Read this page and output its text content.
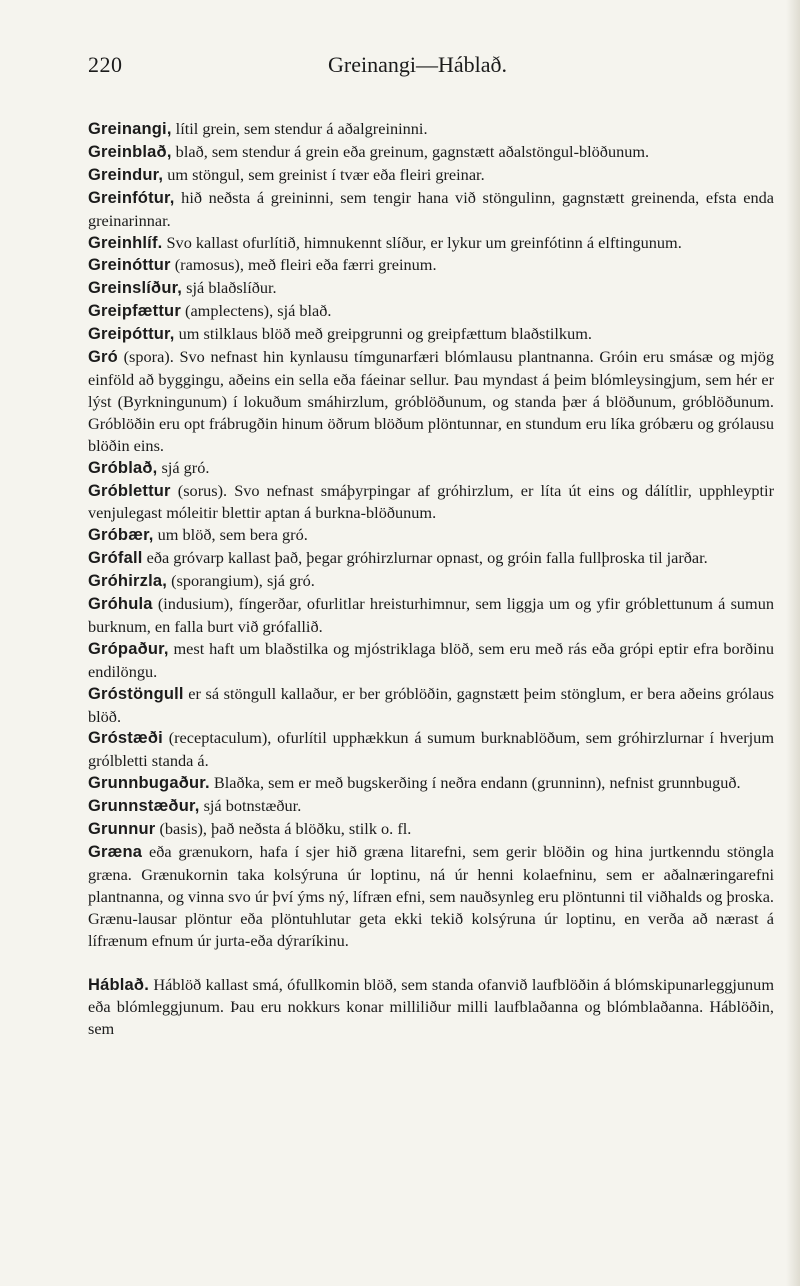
220	Greinangi—Háblað.

Greinangi, lítil grein, sem stendur á aðalgreininni.

Greinblað, blað, sem stendur á grein eða greinum, gagnstætt aðalstöngul-blöðunum.

Greindur, um stöngul, sem greinist í tvær eða fleiri greinar.

Greinfótur, hið neðsta á greininni, sem tengir hana við stöngulinn, gagnstætt greinenda, efsta enda greinarinnar.

Greinhlíf. Svo kallast ofurlítið, himnukennt slíður, er lykur um greinfótinn á elftingunum.

Greinóttur (ramosus), með fleiri eða færri greinum.

Greinslíður, sjá blaðslíður.

Greipfættur (amplectens), sjá blað.

Greipóttur, um stilklaus blöð með greipgrunni og greipfættum blaðstilkum.

Gró (spora). Svo nefnast hin kynlausu tímgunarfæri blómlausu plantnanna. Gróin eru smásæ og mjög einföld að byggingu, aðeins ein sella eða fáeinar sellur. Þau myndast á þeim blómleysingjum, sem hér er lýst (Byrkningunum) í lokuðum smáhirzlum, gróblöðunum, og standa þær á blöðunum, gróblöðunum. Gróblöðin eru opt frábrugðin hinum öðrum blöðum plöntunnar, en stundum eru líka gróbæru og grólausu blöðin eins.

Gróblað, sjá gró.

Gróblettur (sorus). Svo nefnast smáþyrpingar af gróhirzlum, er líta út eins og dálítlir, upphleyptir venjulegast móleitir blettir aptan á burkna-blöðunum.

Gróbær, um blöð, sem bera gró.

Grófall eða gróvarp kallast það, þegar gróhirzlurnar opnast, og gróin falla fullþroska til jarðar.

Gróhirzla, (sporangium), sjá gró.

Gróhula (indusium), fíngerðar, ofurlitlar hreisturhimnur, sem liggja um og yfir gróblettunum á sumun burknum, en falla burt við grófallið.

Grópaður, mest haft um blaðstilka og mjóstriklaga blöð, sem eru með rás eða grópi eptir efra borðinu endilöngu.

Gróstöngull er sá stöngull kallaður, er ber gróblöðin, gagnstætt þeim stönglum, er bera aðeins grólaus blöð.

Gróstæði (receptaculum), ofurlítil upphækkun á sumum burknablöðum, sem gróhirzlurnar í hverjum grólbletti standa á.

Grunnbugaður. Blaðka, sem er með bugskerðing í neðra endann (grunninn), nefnist grunnbuguð.

Grunnstæður, sjá botnstæður.

Grunnur (basis), það neðsta á blöðku, stilk o. fl.

Græna eða grænukorn, hafa í sjer hið græna litarefni, sem gerir blöðin og hina jurtkenndu stöngla græna. Grænukornin taka kolsýruna úr loptinu, ná úr henni kolaefninu, sem er aðalnæringarefni plantnanna, og vinna svo úr því ýms ný, lífræn efni, sem nauðsynleg eru plöntunni til viðhalds og þroska. Grænu-lausar plöntur eða plöntuhlutar geta ekki tekið kolsýruna úr loptinu, en verða að nærast á lífrænum efnum úr jurta-eða dýraríkinu.

Háblað. Háblöð kallast smá, ófullkomin blöð, sem standa ofanvið laufblöðin á blómskipunarleggjunum eða blómleggjunum. Þau eru nokkurs konar milliliður milli laufblaðanna og blómblaðanna. Háblöðin, sem
